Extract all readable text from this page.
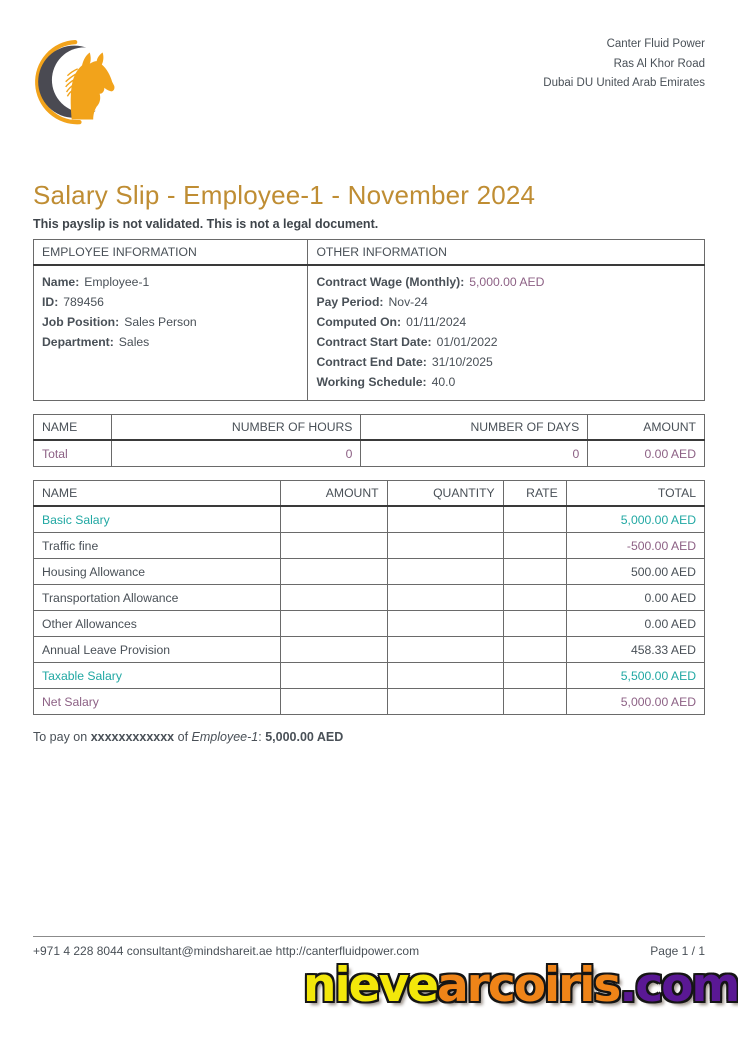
Canter Fluid Power
Ras Al Khor Road
Dubai DU United Arab Emirates
Salary Slip - Employee-1 - November 2024

This payslip is not validated. This is not a legal document.

EMPLOYEE INFORMATION	OTHER INFORMATION

Name: Employee-1
ID: 789456
Job Position: Sales Person
Department: Sales

Contract Wage (Monthly): 5,000.00 AED
Pay Period: Nov-24
Computed On: 01/11/2024
Contract Start Date: 01/01/2022
Contract End Date: 31/10/2025
Working Schedule: 40.0
NAME	NUMBER OF HOURS	NUMBER OF DAYS	AMOUNT
Total	0	0	0.00 AED
NAME	AMOUNT	QUANTITY	RATE	TOTAL
Basic Salary				5,000.00 AED
Traffic fine				-500.00 AED
Housing Allowance				500.00 AED
Transportation Allowance				0.00 AED
Other Allowances				0.00 AED
Annual Leave Provision				458.33 AED
Taxable Salary				5,500.00 AED
Net Salary				5,000.00 AED

To pay on xxxxxxxxxxxx of Employee-1: 5,000.00 AED

+971 4 228 8044 consultant@mindshareit.ae http://canterfluidpower.com	Page 1 / 1
nievearcoiris.com
